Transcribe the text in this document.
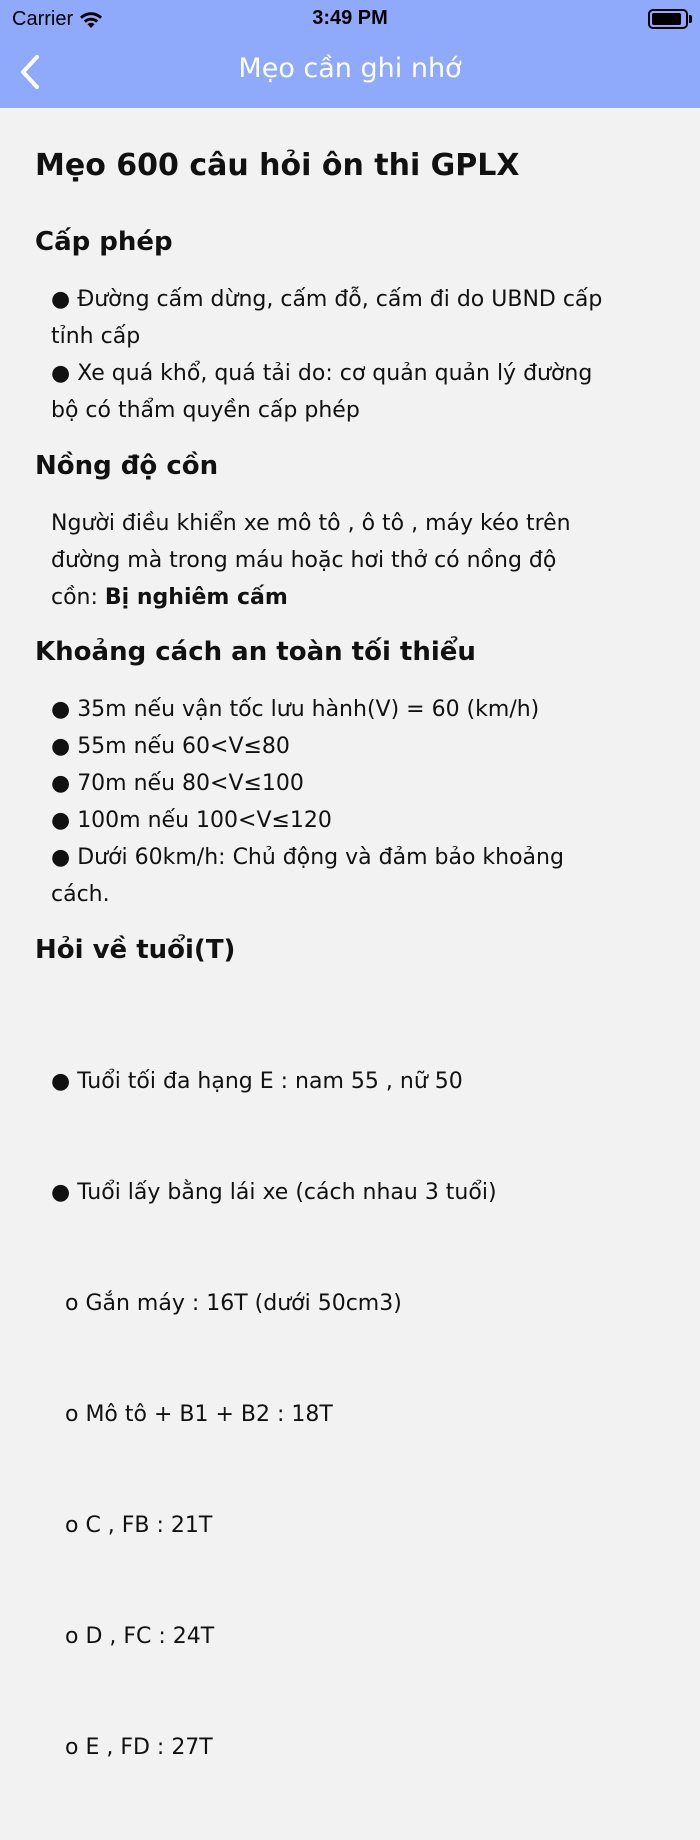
Carrier	3:49 PM
Mẹo cần ghi nhớ
Mẹo 600 câu hỏi ôn thi GPLX
Cấp phép
● Đường cấm dừng, cấm đỗ, cấm đi do UBND cấp
tỉnh cấp
● Xe quá khổ, quá tải do: cơ quản quản lý đường
bộ có thẩm quyền cấp phép
Nồng độ cồn
Người điều khiển xe mô tô , ô tô , máy kéo trên
đường mà trong máu hoặc hơi thở có nồng độ
cồn: Bị nghiêm cấm
Khoảng cách an toàn tối thiểu
● 35m nếu vận tốc lưu hành(V) = 60 (km/h)
● 55m nếu 60<V≤80
● 70m nếu 80<V≤100
● 100m nếu 100<V≤120
● Dưới 60km/h: Chủ động và đảm bảo khoảng
cách.
Hỏi về tuổi(T)

● Tuổi tối đa hạng E : nam 55 , nữ 50

● Tuổi lấy bằng lái xe (cách nhau 3 tuổi)

o Gắn máy : 16T (dưới 50cm3)

o Mô tô + B1 + B2 : 18T

o C , FB : 21T

o D , FC : 24T

o E , FD : 27T
